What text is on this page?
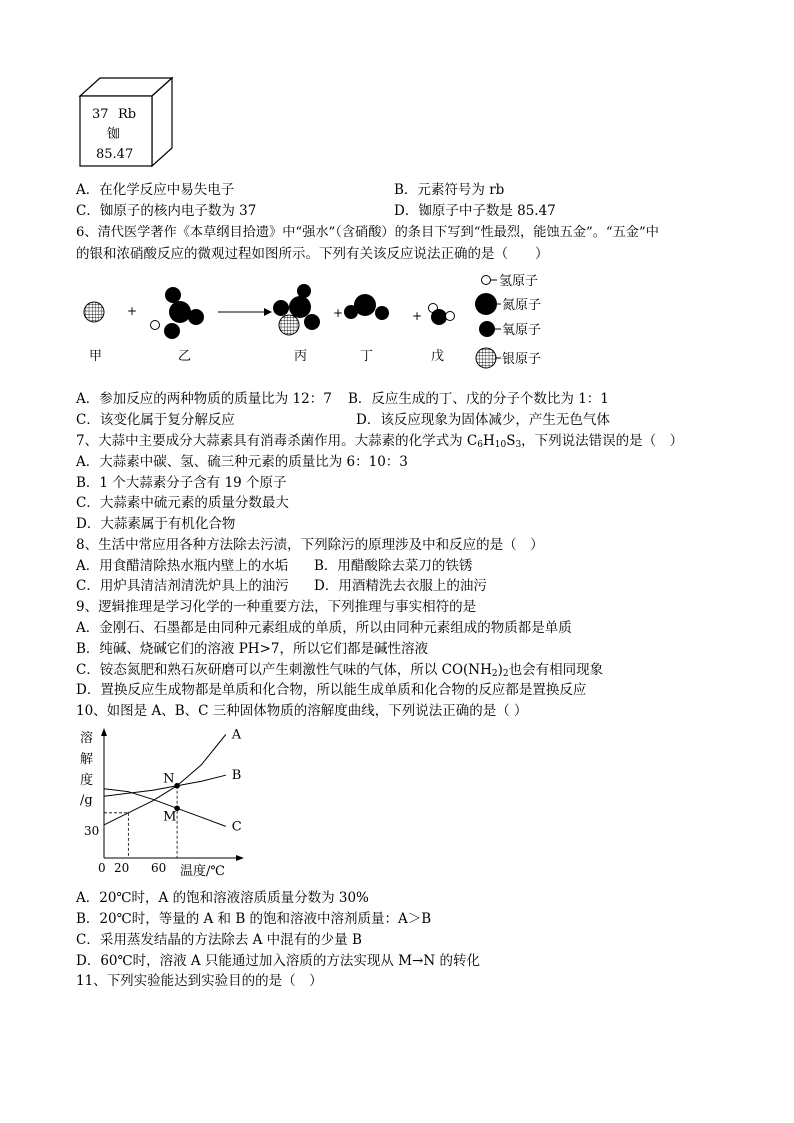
37 Rb
铷
85.47
A．在化学反应中易失电子	B．元素符号为 rb
C．铷原子的核内电子数为 37	D．铷原子中子数是 85.47
6、清代医学著作《本草纲目拾遗》中“强水”（含硝酸）的条目下写到“性最烈，能蚀五金”。“五金”中
的银和浓硝酸反应的微观过程如图所示。下列有关该反应说法正确的是（　　）
+	+	+
甲	乙	丙	丁	戊
氢原子
氮原子
氧原子
银原子
A．参加反应的两种物质的质量比为 12：7 B．反应生成的丁、戊的分子个数比为 1：1
C．该变化属于复分解反应	D．该反应现象为固体减少，产生无色气体
7、大蒜中主要成分大蒜素具有消毒杀菌作用。大蒜素的化学式为 $C_6H_{10}S_3$，下列说法错误的是（　）
A．大蒜素中碳、氢、硫三种元素的质量比为 6：10：3
B．1 个大蒜素分子含有 19 个原子
C．大蒜素中硫元素的质量分数最大
D．大蒜素属于有机化合物
8、生活中常应用各种方法除去污渍，下列除污的原理涉及中和反应的是（　）
A．用食醋清除热水瓶内壁上的水垢 B．用醋酸除去菜刀的铁锈
C．用炉具清洁剂清洗炉具上的油污 D．用酒精洗去衣服上的油污
9、逻辑推理是学习化学的一种重要方法，下列推理与事实相符的是
A．金刚石、石墨都是由同种元素组成的单质，所以由同种元素组成的物质都是单质
B．纯碱、烧碱它们的溶液 PH>7，所以它们都是碱性溶液
C．铵态氮肥和熟石灰研磨可以产生刺激性气味的气体，所以 $CO(NH_2)_2$也会有相同现象
D．置换反应生成物都是单质和化合物，所以能生成单质和化合物的反应都是置换反应
10、如图是 A、B、C 三种固体物质的溶解度曲线，下列说法正确的是（ ）
溶
解
度
/g
A
B
C
N
M
30
0 20 60 温度/℃
A．20℃时，A 的饱和溶液溶质质量分数为 30%
B．20℃时，等量的 A 和 B 的饱和溶液中溶剂质量：A＞B
C．采用蒸发结晶的方法除去 A 中混有的少量 B
D．60℃时，溶液 A 只能通过加入溶质的方法实现从 M→N 的转化
11、下列实验能达到实验目的的是（　）
